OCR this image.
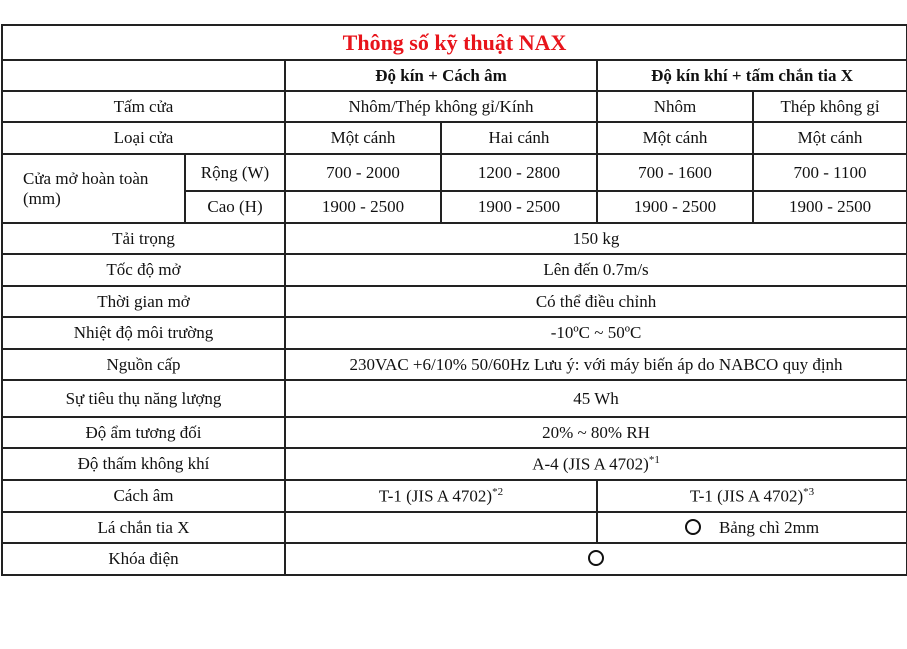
Thông số kỹ thuật NAX					
		Độ kín + Cách âm		Độ kín khí + tấm chắn tia X	
Tấm cửa		Nhôm/Thép không gỉ/Kính		Nhôm	Thép không gỉ
Loại cửa		Một cánh	Hai cánh	Một cánh	Một cánh
Cửa mở hoàn toàn (mm)	Rộng (W)	700 - 2000	1200 - 2800	700 - 1600	700 - 1100
	Cao (H)	1900 - 2500	1900 - 2500	1900 - 2500	1900 - 2500
Tải trọng		150 kg			
Tốc độ mở		Lên đến 0.7m/s			
Thời gian mở		Có thể điều chỉnh			
Nhiệt độ môi trường		-10ºC ~ 50ºC			
Nguồn cấp		230VAC +6/10% 50/60Hz Lưu ý: với máy biến áp do NABCO quy định			
Sự tiêu thụ năng lượng		45 Wh			
Độ ẩm tương đối		20% ~ 80% RH			
Độ thấm không khí		A-4 (JIS A 4702)$^{*1}$
Cách âm		T-1 (JIS A 4702)$^{*2}$		T-1 (JIS A 4702)$^{*3}$
Lá chắn tia X				Bảng chì 2mm	
Khóa điện					
